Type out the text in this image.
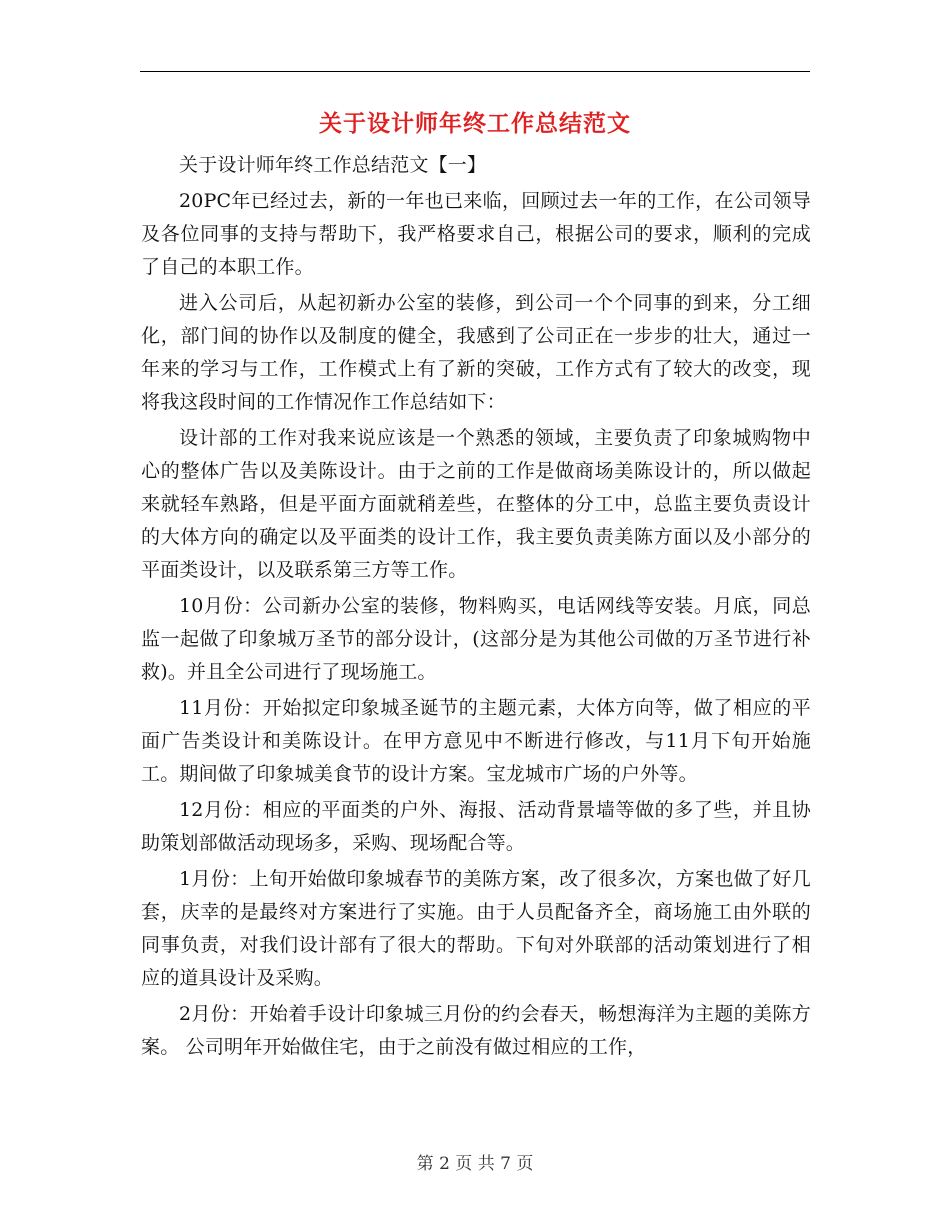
关于设计师年终工作总结范文

关于设计师年终工作总结范文【一】

20PC年已经过去，新的一年也已来临，回顾过去一年的工作，在公司领导及各位同事的支持与帮助下，我严格要求自己，根据公司的要求，顺利的完成了自己的本职工作。

进入公司后，从起初新办公室的装修，到公司一个个同事的到来，分工细化，部门间的协作以及制度的健全，我感到了公司正在一步步的壮大，通过一年来的学习与工作，工作模式上有了新的突破，工作方式有了较大的改变，现将我这段时间的工作情况作工作总结如下：

设计部的工作对我来说应该是一个熟悉的领域，主要负责了印象城购物中心的整体广告以及美陈设计。由于之前的工作是做商场美陈设计的，所以做起来就轻车熟路，但是平面方面就稍差些，在整体的分工中，总监主要负责设计的大体方向的确定以及平面类的设计工作，我主要负责美陈方面以及小部分的平面类设计，以及联系第三方等工作。

10月份：公司新办公室的装修，物料购买，电话网线等安装。月底，同总监一起做了印象城万圣节的部分设计，(这部分是为其他公司做的万圣节进行补救)。并且全公司进行了现场施工。

11月份：开始拟定印象城圣诞节的主题元素，大体方向等，做了相应的平面广告类设计和美陈设计。在甲方意见中不断进行修改，与11月下旬开始施工。期间做了印象城美食节的设计方案。宝龙城市广场的户外等。

12月份：相应的平面类的户外、海报、活动背景墙等做的多了些，并且协助策划部做活动现场多，采购、现场配合等。

1月份：上旬开始做印象城春节的美陈方案，改了很多次，方案也做了好几套，庆幸的是最终对方案进行了实施。由于人员配备齐全，商场施工由外联的同事负责，对我们设计部有了很大的帮助。下旬对外联部的活动策划进行了相应的道具设计及采购。

2月份：开始着手设计印象城三月份的约会春天，畅想海洋为主题的美陈方案。 公司明年开始做住宅，由于之前没有做过相应的工作，

第 2 页 共 7 页
